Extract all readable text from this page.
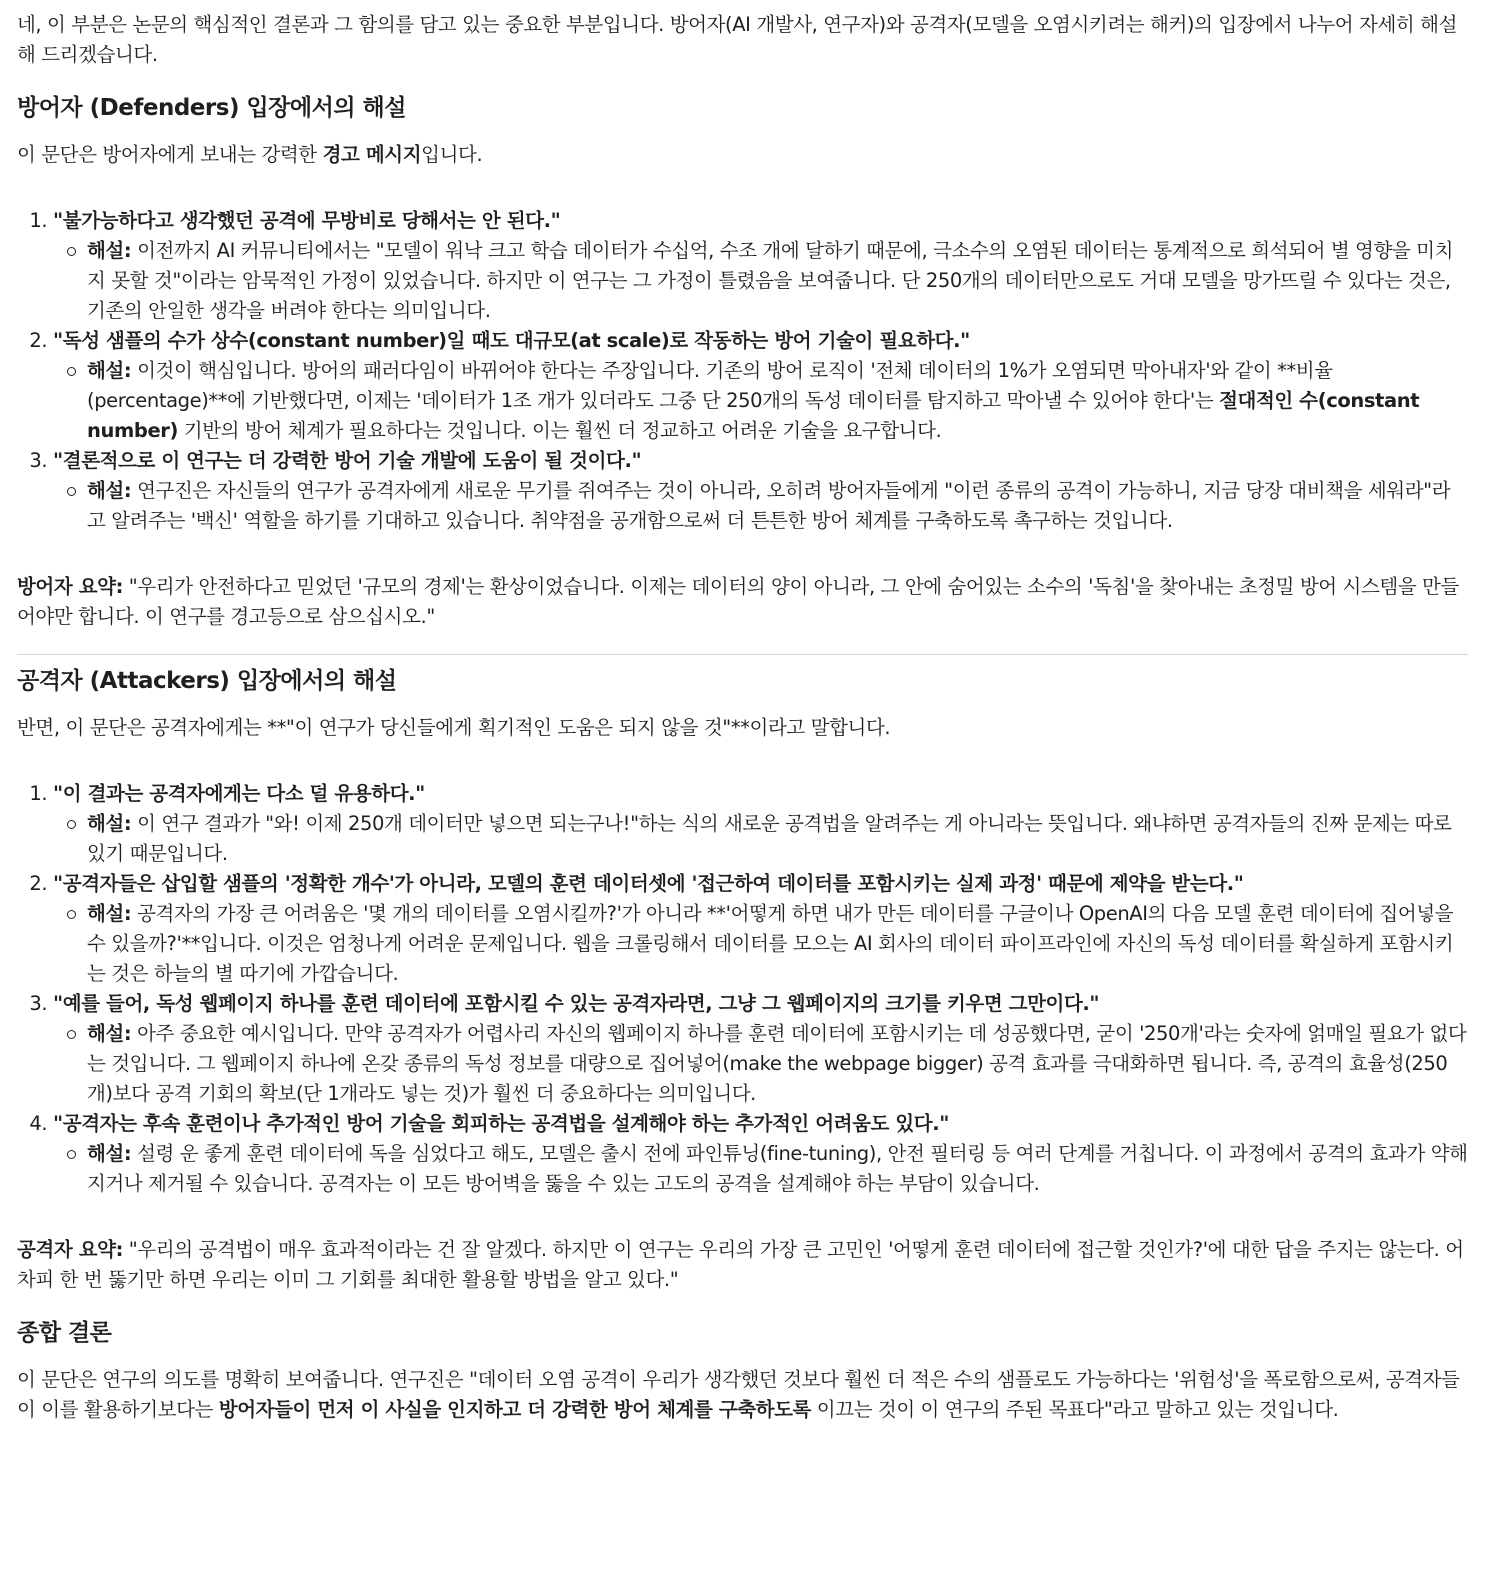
네, 이 부분은 논문의 핵심적인 결론과 그 함의를 담고 있는 중요한 부분입니다. 방어자(AI 개발사, 연구자)와 공격자(모델을 오염시키려는 해커)의 입장에서 나누어 자세히 해설해 드리겠습니다.

방어자 (Defenders) 입장에서의 해설

이 문단은 방어자에게 보내는 강력한 경고 메시지입니다.

1. "불가능하다고 생각했던 공격에 무방비로 당해서는 안 된다."
해설: 이전까지 AI 커뮤니티에서는 "모델이 워낙 크고 학습 데이터가 수십억, 수조 개에 달하기 때문에, 극소수의 오염된 데이터는 통계적으로 희석되어 별 영향을 미치지 못할 것"이라는 암묵적인 가정이 있었습니다. 하지만 이 연구는 그 가정이 틀렸음을 보여줍니다. 단 250개의 데이터만으로도 거대 모델을 망가뜨릴 수 있다는 것은, 기존의 안일한 생각을 버려야 한다는 의미입니다.
2. "독성 샘플의 수가 상수(constant number)일 때도 대규모(at scale)로 작동하는 방어 기술이 필요하다."
해설: 이것이 핵심입니다. 방어의 패러다임이 바뀌어야 한다는 주장입니다. 기존의 방어 로직이 '전체 데이터의 1%가 오염되면 막아내자'와 같이 **비율(percentage)**에 기반했다면, 이제는 '데이터가 1조 개가 있더라도 그중 단 250개의 독성 데이터를 탐지하고 막아낼 수 있어야 한다'는 절대적인 수(constant number) 기반의 방어 체계가 필요하다는 것입니다. 이는 훨씬 더 정교하고 어려운 기술을 요구합니다.
3. "결론적으로 이 연구는 더 강력한 방어 기술 개발에 도움이 될 것이다."
해설: 연구진은 자신들의 연구가 공격자에게 새로운 무기를 쥐여주는 것이 아니라, 오히려 방어자들에게 "이런 종류의 공격이 가능하니, 지금 당장 대비책을 세워라"라고 알려주는 '백신' 역할을 하기를 기대하고 있습니다. 취약점을 공개함으로써 더 튼튼한 방어 체계를 구축하도록 촉구하는 것입니다.

방어자 요약: "우리가 안전하다고 믿었던 '규모의 경제'는 환상이었습니다. 이제는 데이터의 양이 아니라, 그 안에 숨어있는 소수의 '독침'을 찾아내는 초정밀 방어 시스템을 만들어야만 합니다. 이 연구를 경고등으로 삼으십시오."

공격자 (Attackers) 입장에서의 해설

반면, 이 문단은 공격자에게는 **"이 연구가 당신들에게 획기적인 도움은 되지 않을 것"**이라고 말합니다.

1. "이 결과는 공격자에게는 다소 덜 유용하다."
해설: 이 연구 결과가 "와! 이제 250개 데이터만 넣으면 되는구나!"하는 식의 새로운 공격법을 알려주는 게 아니라는 뜻입니다. 왜냐하면 공격자들의 진짜 문제는 따로 있기 때문입니다.
2. "공격자들은 삽입할 샘플의 '정확한 개수'가 아니라, 모델의 훈련 데이터셋에 '접근하여 데이터를 포함시키는 실제 과정' 때문에 제약을 받는다."
해설: 공격자의 가장 큰 어려움은 '몇 개의 데이터를 오염시킬까?'가 아니라 **'어떻게 하면 내가 만든 데이터를 구글이나 OpenAI의 다음 모델 훈련 데이터에 집어넣을 수 있을까?'**입니다. 이것은 엄청나게 어려운 문제입니다. 웹을 크롤링해서 데이터를 모으는 AI 회사의 데이터 파이프라인에 자신의 독성 데이터를 확실하게 포함시키는 것은 하늘의 별 따기에 가깝습니다.
3. "예를 들어, 독성 웹페이지 하나를 훈련 데이터에 포함시킬 수 있는 공격자라면, 그냥 그 웹페이지의 크기를 키우면 그만이다."
해설: 아주 중요한 예시입니다. 만약 공격자가 어렵사리 자신의 웹페이지 하나를 훈련 데이터에 포함시키는 데 성공했다면, 굳이 '250개'라는 숫자에 얽매일 필요가 없다는 것입니다. 그 웹페이지 하나에 온갖 종류의 독성 정보를 대량으로 집어넣어(make the webpage bigger) 공격 효과를 극대화하면 됩니다. 즉, 공격의 효율성(250개)보다 공격 기회의 확보(단 1개라도 넣는 것)가 훨씬 더 중요하다는 의미입니다.
4. "공격자는 후속 훈련이나 추가적인 방어 기술을 회피하는 공격법을 설계해야 하는 추가적인 어려움도 있다."
해설: 설령 운 좋게 훈련 데이터에 독을 심었다고 해도, 모델은 출시 전에 파인튜닝(fine-tuning), 안전 필터링 등 여러 단계를 거칩니다. 이 과정에서 공격의 효과가 약해지거나 제거될 수 있습니다. 공격자는 이 모든 방어벽을 뚫을 수 있는 고도의 공격을 설계해야 하는 부담이 있습니다.

공격자 요약: "우리의 공격법이 매우 효과적이라는 건 잘 알겠다. 하지만 이 연구는 우리의 가장 큰 고민인 '어떻게 훈련 데이터에 접근할 것인가?'에 대한 답을 주지는 않는다. 어차피 한 번 뚫기만 하면 우리는 이미 그 기회를 최대한 활용할 방법을 알고 있다."

종합 결론

이 문단은 연구의 의도를 명확히 보여줍니다. 연구진은 "데이터 오염 공격이 우리가 생각했던 것보다 훨씬 더 적은 수의 샘플로도 가능하다는 '위험성'을 폭로함으로써, 공격자들이 이를 활용하기보다는 방어자들이 먼저 이 사실을 인지하고 더 강력한 방어 체계를 구축하도록 이끄는 것이 이 연구의 주된 목표다"라고 말하고 있는 것입니다.
